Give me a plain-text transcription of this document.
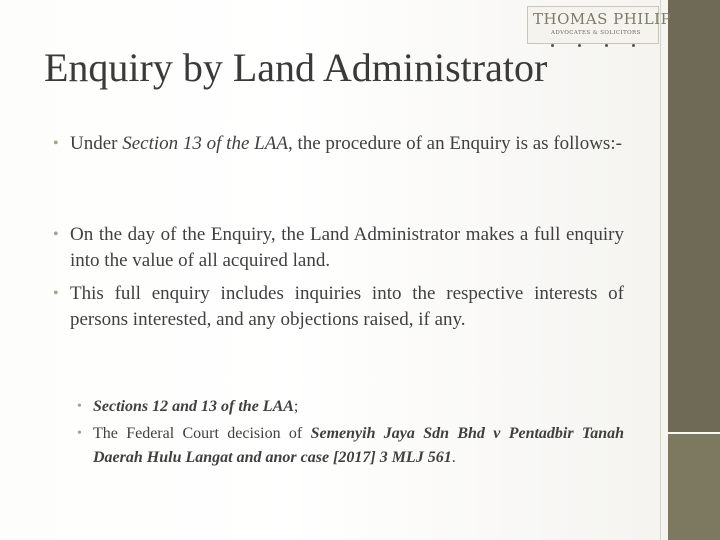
THOMAS PHILIP
ADVOCATES & SOLICITORS
Enquiry by Land Administrator
• Under Section 13 of the LAA, the procedure of an Enquiry is as follows:-
• On the day of the Enquiry, the Land Administrator makes a full enquiry into the value of all acquired land.
• This full enquiry includes inquiries into the respective interests of persons interested, and any objections raised, if any.
• Sections 12 and 13 of the LAA;
• The Federal Court decision of Semenyih Jaya Sdn Bhd v Pentadbir Tanah Daerah Hulu Langat and anor case [2017] 3 MLJ 561.
